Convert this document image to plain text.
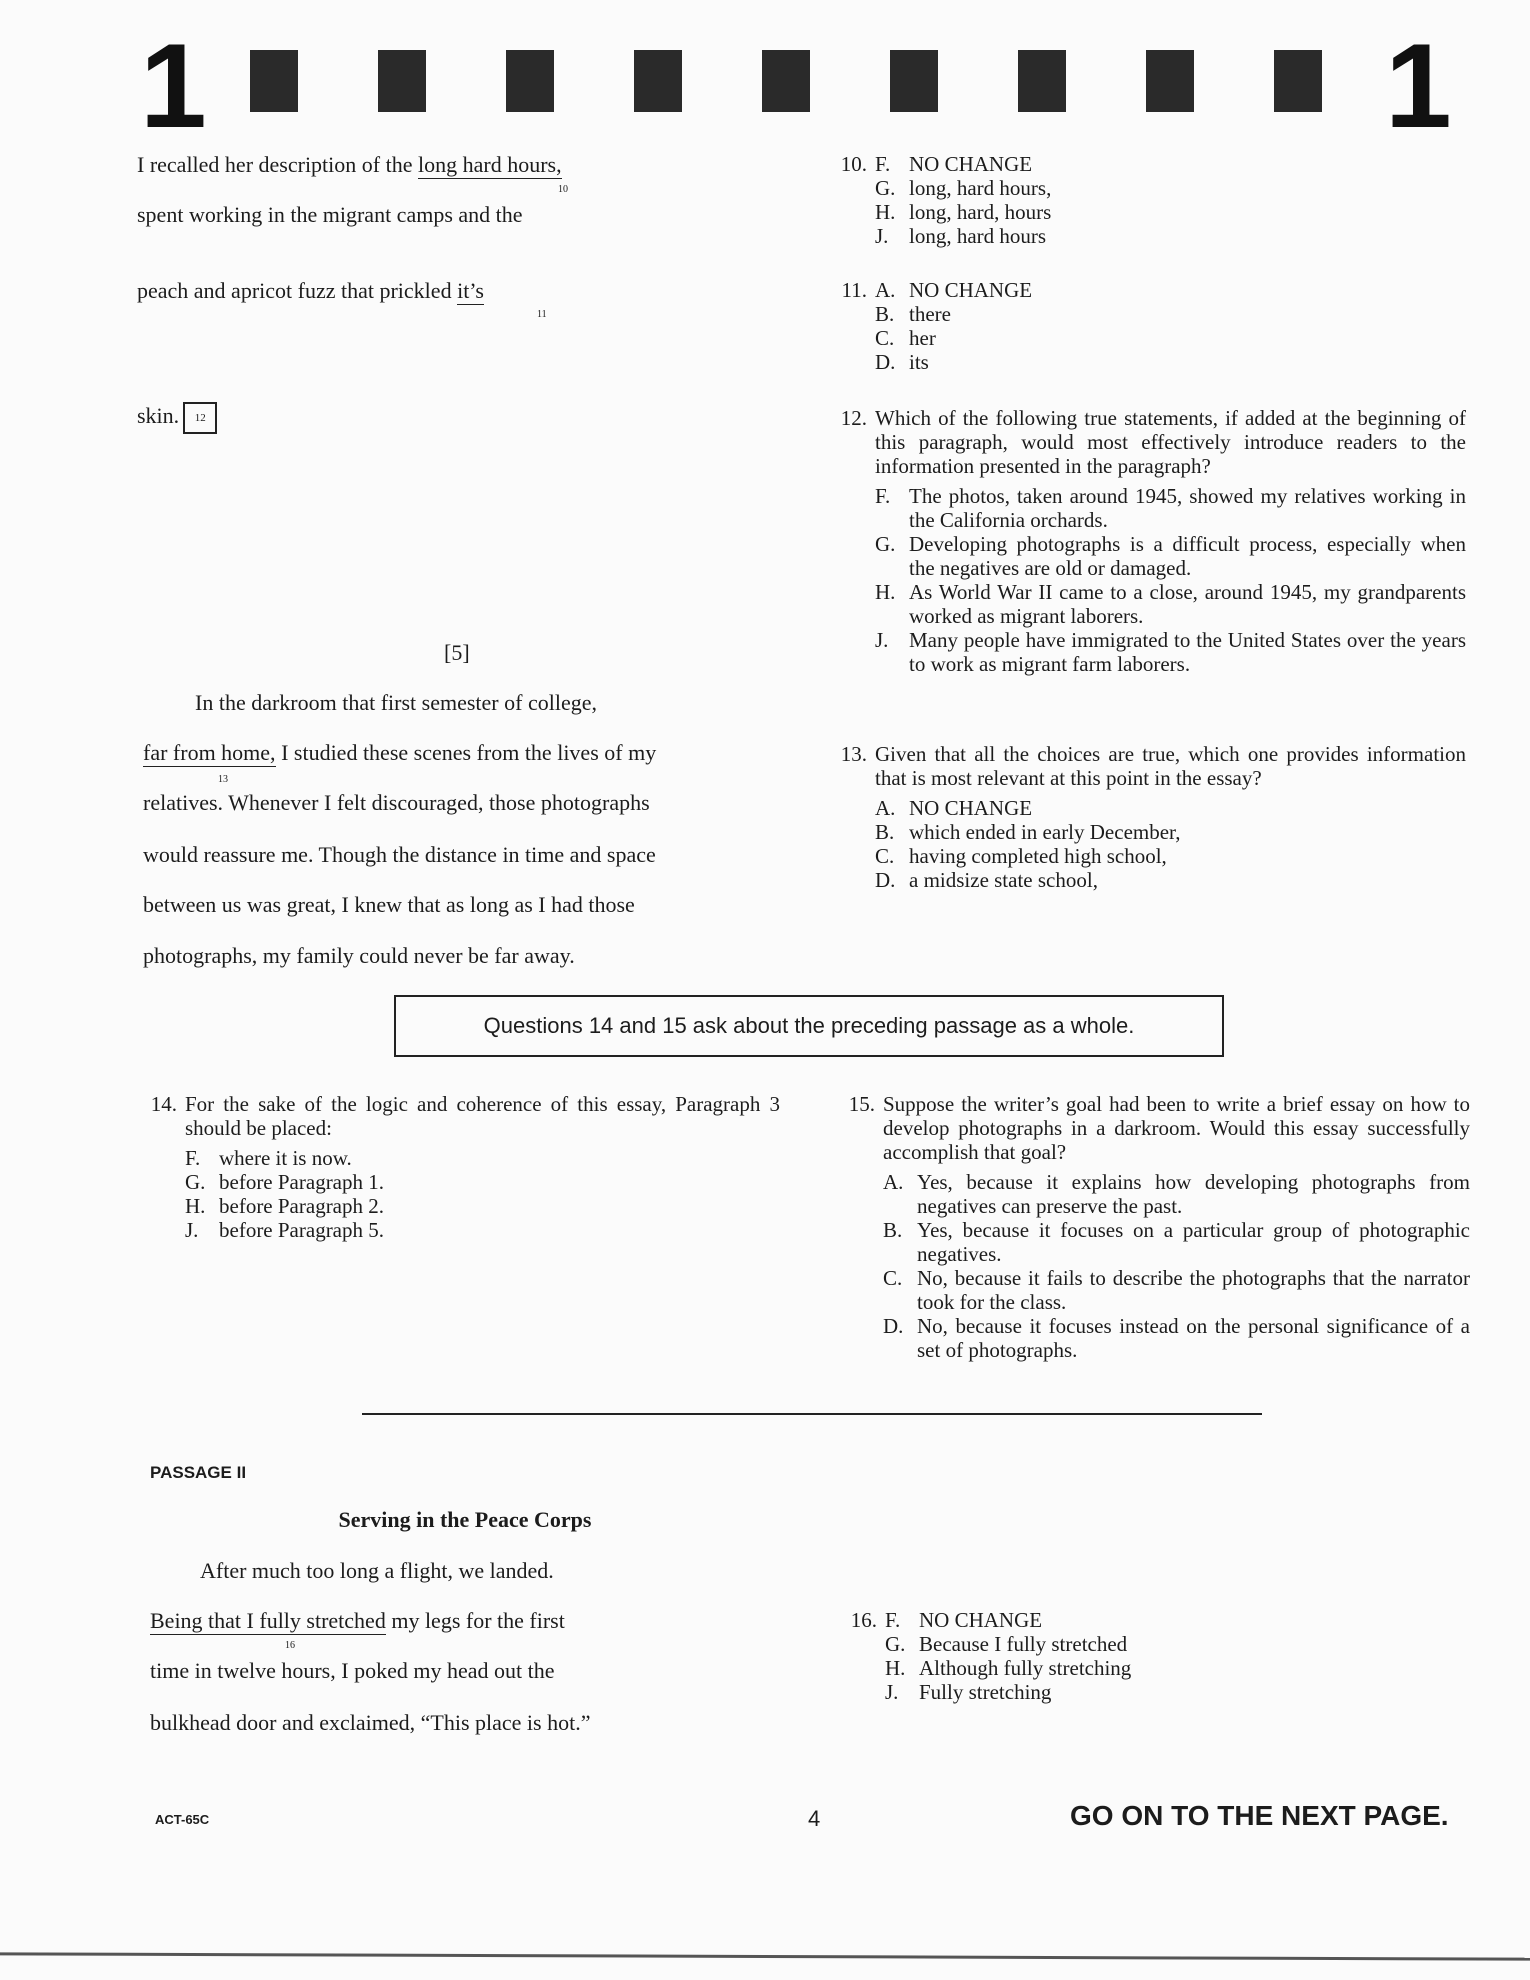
1	1
I recalled her description of the long hard hours,
10
spent working in the migrant camps and the
peach and apricot fuzz that prickled it’s
11
skin. 12
[5]
In the darkroom that first semester of college,
far from home, I studied these scenes from the lives of my
13
relatives. Whenever I felt discouraged, those photographs
would reassure me. Though the distance in time and space
between us was great, I knew that as long as I had those
photographs, my family could never be far away.
10. F. NO CHANGE
G. long, hard hours,
H. long, hard, hours
J. long, hard hours
11. A. NO CHANGE
B. there
C. her
D. its
12. Which of the following true statements, if added at the beginning of this paragraph, would most effectively introduce readers to the information presented in the paragraph?
F. The photos, taken around 1945, showed my relatives working in the California orchards.
G. Developing photographs is a difficult process, especially when the negatives are old or damaged.
H. As World War II came to a close, around 1945, my grandparents worked as migrant laborers.
J. Many people have immigrated to the United States over the years to work as migrant farm laborers.
13. Given that all the choices are true, which one provides information that is most relevant at this point in the essay?
A. NO CHANGE
B. which ended in early December,
C. having completed high school,
D. a midsize state school,
Questions 14 and 15 ask about the preceding passage as a whole.
14. For the sake of the logic and coherence of this essay, Paragraph 3 should be placed:
F. where it is now.
G. before Paragraph 1.
H. before Paragraph 2.
J. before Paragraph 5.
15. Suppose the writer’s goal had been to write a brief essay on how to develop photographs in a darkroom. Would this essay successfully accomplish that goal?
A. Yes, because it explains how developing photographs from negatives can preserve the past.
B. Yes, because it focuses on a particular group of photographic negatives.
C. No, because it fails to describe the photographs that the narrator took for the class.
D. No, because it focuses instead on the personal significance of a set of photographs.
PASSAGE II
Serving in the Peace Corps
After much too long a flight, we landed.
Being that I fully stretched my legs for the first
16
time in twelve hours, I poked my head out the
bulkhead door and exclaimed, “This place is hot.”
16. F. NO CHANGE
G. Because I fully stretched
H. Although fully stretching
J. Fully stretching
ACT-65C	4	GO ON TO THE NEXT PAGE.
